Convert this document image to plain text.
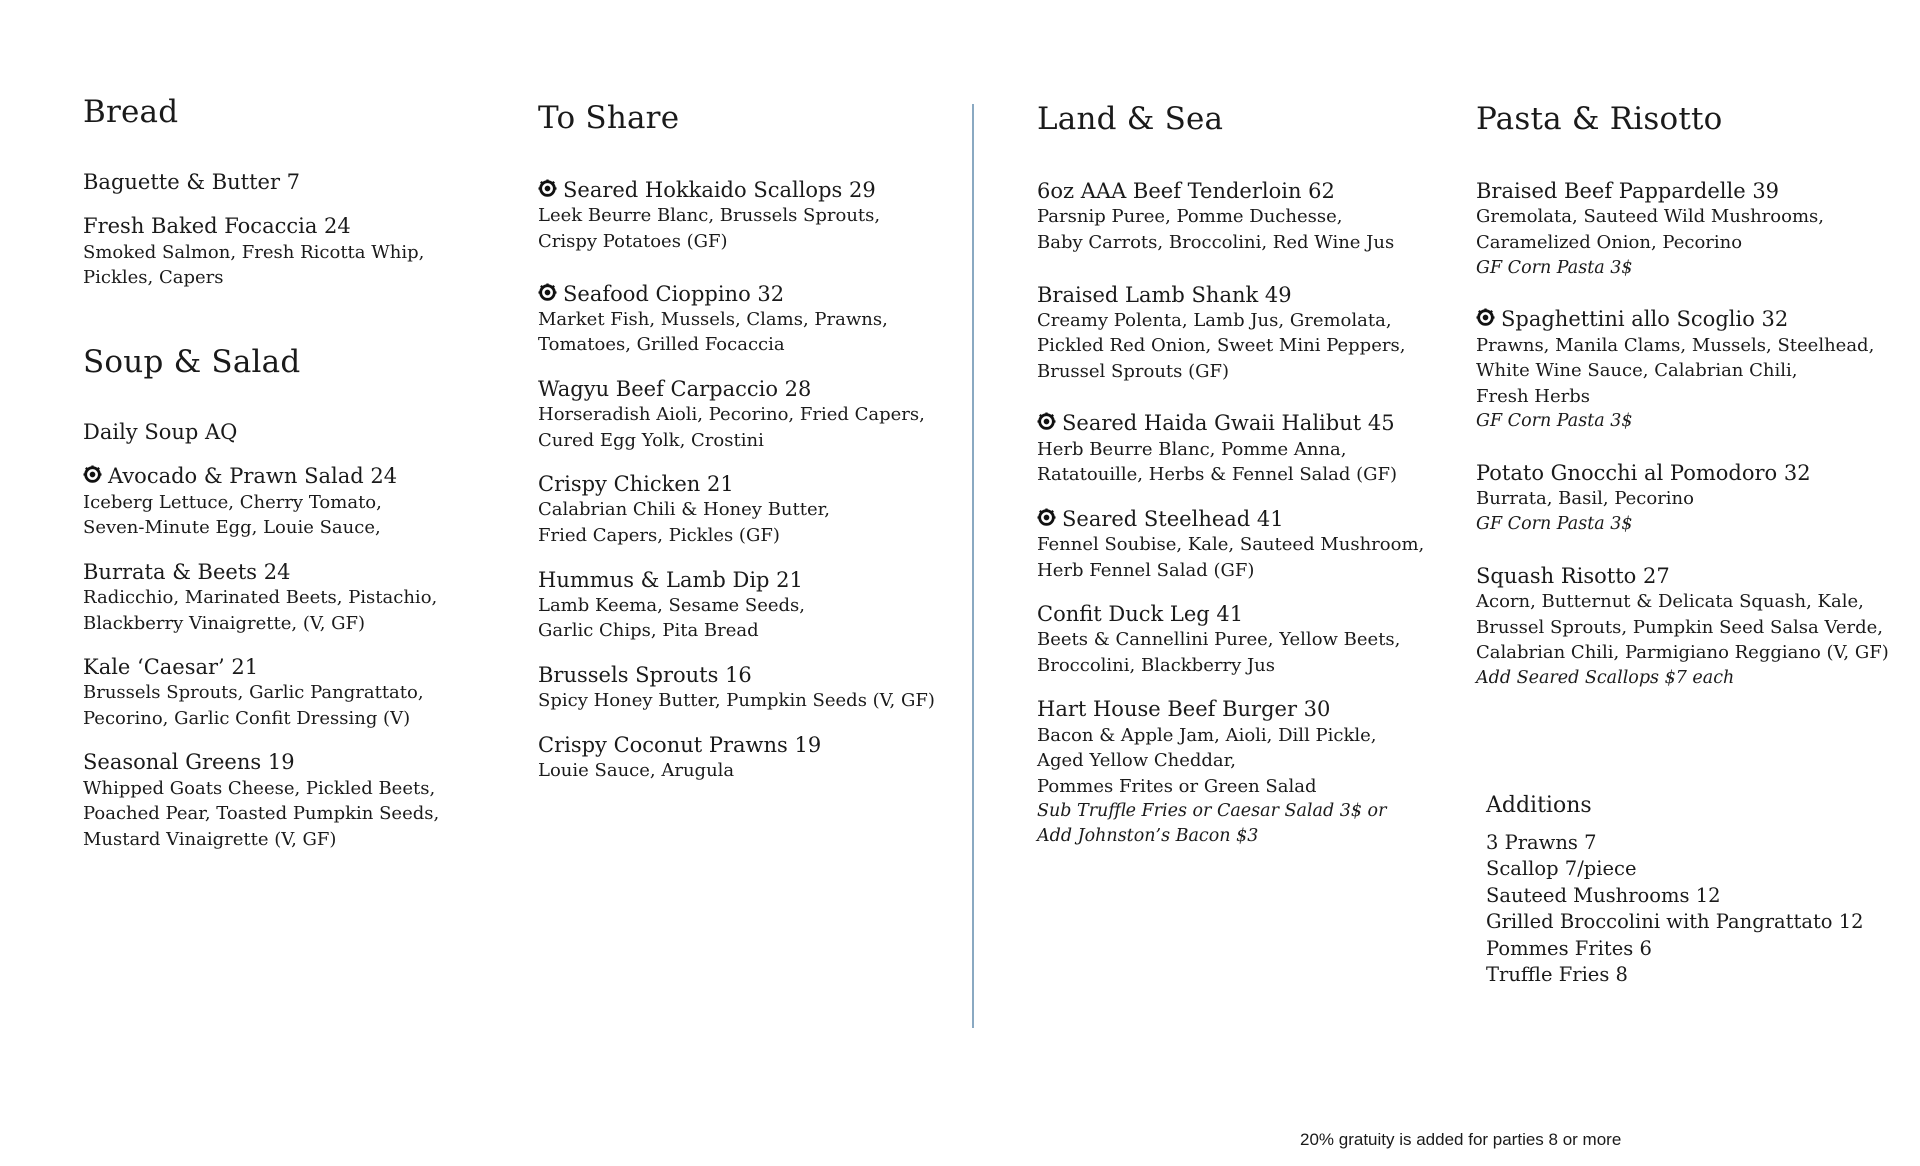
Bread
Baguette & Butter 7
Fresh Baked Focaccia 24
Smoked Salmon, Fresh Ricotta Whip,
Pickles, Capers
Soup & Salad
Daily Soup AQ
Avocado & Prawn Salad 24
Iceberg Lettuce, Cherry Tomato,
Seven-Minute Egg, Louie Sauce,
Burrata & Beets 24
Radicchio, Marinated Beets, Pistachio,
Blackberry Vinaigrette, (V, GF)
Kale ‘Caesar’ 21
Brussels Sprouts, Garlic Pangrattato,
Pecorino, Garlic Confit Dressing (V)
Seasonal Greens 19
Whipped Goats Cheese, Pickled Beets,
Poached Pear, Toasted Pumpkin Seeds,
Mustard Vinaigrette (V, GF)
To Share
Seared Hokkaido Scallops 29
Leek Beurre Blanc, Brussels Sprouts,
Crispy Potatoes (GF)
Seafood Cioppino 32
Market Fish, Mussels, Clams, Prawns,
Tomatoes, Grilled Focaccia
Wagyu Beef Carpaccio 28
Horseradish Aioli, Pecorino, Fried Capers,
Cured Egg Yolk, Crostini
Crispy Chicken 21
Calabrian Chili & Honey Butter,
Fried Capers, Pickles (GF)
Hummus & Lamb Dip 21
Lamb Keema, Sesame Seeds,
Garlic Chips, Pita Bread
Brussels Sprouts 16
Spicy Honey Butter, Pumpkin Seeds (V, GF)
Crispy Coconut Prawns 19
Louie Sauce, Arugula
Land & Sea
6oz AAA Beef Tenderloin 62
Parsnip Puree, Pomme Duchesse,
Baby Carrots, Broccolini, Red Wine Jus
Braised Lamb Shank 49
Creamy Polenta, Lamb Jus, Gremolata,
Pickled Red Onion, Sweet Mini Peppers,
Brussel Sprouts (GF)
Seared Haida Gwaii Halibut 45
Herb Beurre Blanc, Pomme Anna,
Ratatouille, Herbs & Fennel Salad (GF)
Seared Steelhead 41
Fennel Soubise, Kale, Sauteed Mushroom,
Herb Fennel Salad (GF)
Confit Duck Leg 41
Beets & Cannellini Puree, Yellow Beets,
Broccolini, Blackberry Jus
Hart House Beef Burger 30
Bacon & Apple Jam, Aioli, Dill Pickle,
Aged Yellow Cheddar,
Pommes Frites or Green Salad
Sub Truffle Fries or Caesar Salad 3$ or
Add Johnston’s Bacon $3
Pasta & Risotto
Braised Beef Pappardelle 39
Gremolata, Sauteed Wild Mushrooms,
Caramelized Onion, Pecorino
GF Corn Pasta 3$
Spaghettini allo Scoglio 32
Prawns, Manila Clams, Mussels, Steelhead,
White Wine Sauce, Calabrian Chili,
Fresh Herbs
GF Corn Pasta 3$
Potato Gnocchi al Pomodoro 32
Burrata, Basil, Pecorino
GF Corn Pasta 3$
Squash Risotto 27
Acorn, Butternut & Delicata Squash, Kale,
Brussel Sprouts, Pumpkin Seed Salsa Verde,
Calabrian Chili, Parmigiano Reggiano (V, GF)
Add Seared Scallops $7 each
Additions
3 Prawns 7
Scallop 7/piece
Sauteed Mushrooms 12
Grilled Broccolini with Pangrattato 12
Pommes Frites 6
Truffle Fries 8
20% gratuity is added for parties 8 or more
